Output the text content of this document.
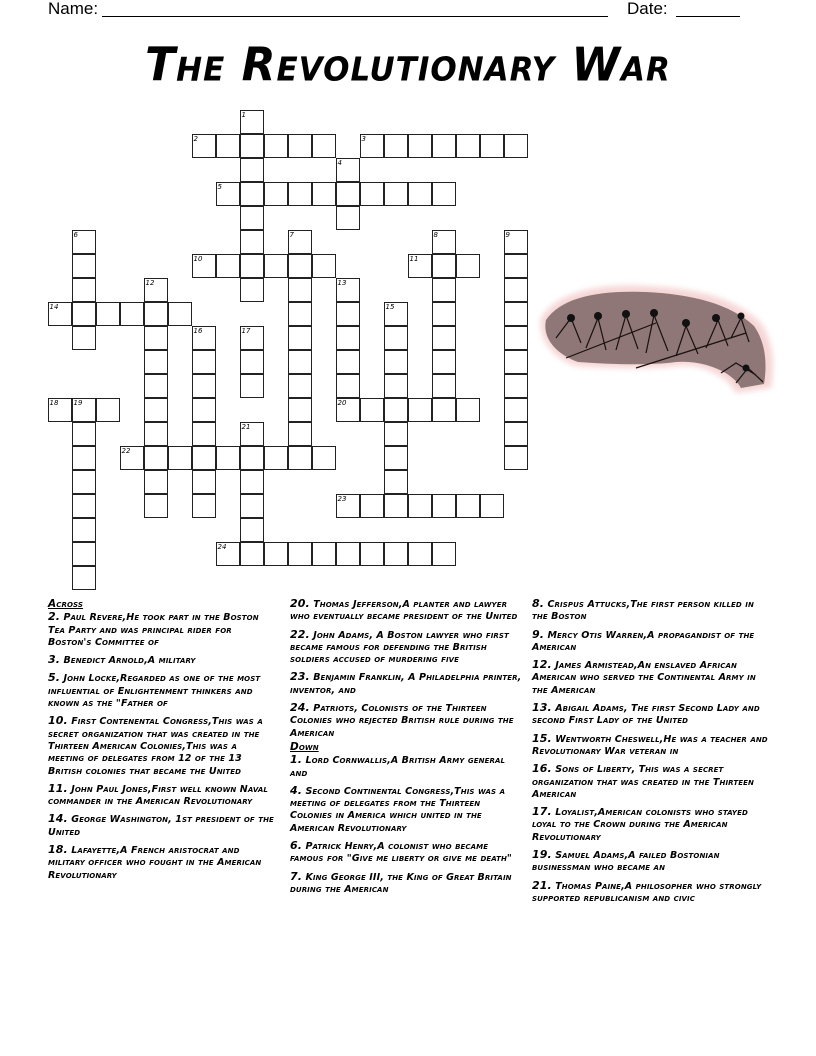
Name:	Date:
The Revolutionary War
1
2	3
4
5
6	7	8	9
10	11
12	13
20
14	15
16	17
18 19
21
22
23
24
Across
2. Paul Revere,He took part in the Boston Tea Party and was principal rider for Boston's Committee of
3. Benedict Arnold,A military
5. John Locke,Regarded as one of the most influential of Enlightenment thinkers and known as the "Father of
10. First Contenental Congress,This was a secret organization that was created in the Thirteen American Colonies,This was a meeting of delegates from 12 of the 13 British colonies that became the United
11. John Paul Jones,First well known Naval commander in the American Revolutionary
14. George Washington, 1st president of the United
18. Lafayette,A French aristocrat and military officer who fought in the American Revolutionary
20. Thomas Jefferson,A planter and lawyer who eventually became president of the United
22. John Adams, A Boston lawyer who first became famous for defending the British soldiers accused of murdering five
23. Benjamin Franklin, A Philadelphia printer, inventor, and
24. Patriots, Colonists of the Thirteen Colonies who rejected British rule during the American
Down
1. Lord Cornwallis,A British Army general and
4. Second Continental Congress,This was a meeting of delegates from the Thirteen Colonies in America which united in the American Revolutionary
6. Patrick Henry,A colonist who became famous for "Give me liberty or give me death"
7. King George III, the King of Great Britain during the American
8. Crispus Attucks,The first person killed in the Boston
9. Mercy Otis Warren,A propagandist of the American
12. James Armistead,An enslaved African American who served the Continental Army in the American
13. Abigail Adams, The first Second Lady and second First Lady of the United
15. Wentworth Cheswell,He was a teacher and Revolutionary War veteran in
16. Sons of Liberty, This was a secret organization that was created in the Thirteen American
17. Loyalist,American colonists who stayed loyal to the Crown during the American Revolutionary
19. Samuel Adams,A failed Bostonian businessman who became an
21. Thomas Paine,A philosopher who strongly supported republicanism and civic
